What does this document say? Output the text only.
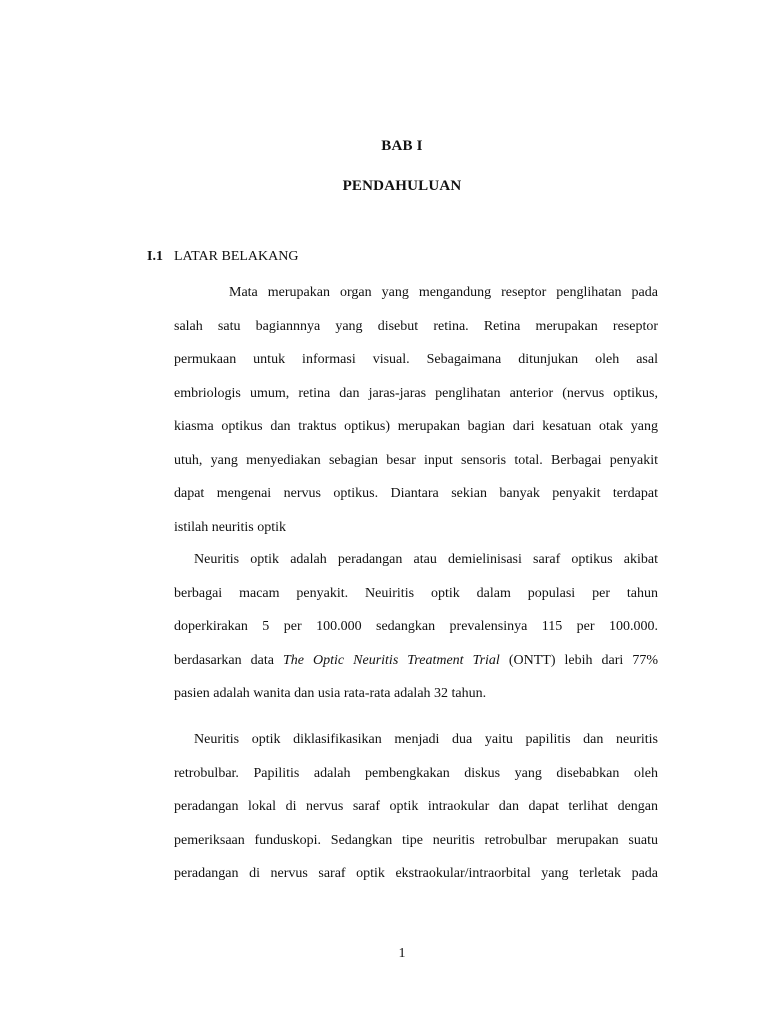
BAB I
PENDAHULUAN
I.1 LATAR BELAKANG
Mata merupakan organ yang mengandung reseptor penglihatan pada
salah satu bagiannnya yang disebut retina. Retina merupakan reseptor
permukaan untuk informasi visual. Sebagaimana ditunjukan oleh asal
embriologis umum, retina dan jaras-jaras penglihatan anterior (nervus optikus,
kiasma optikus dan traktus optikus) merupakan bagian dari kesatuan otak yang
utuh, yang menyediakan sebagian besar input sensoris total. Berbagai penyakit
dapat mengenai nervus optikus. Diantara sekian banyak penyakit terdapat
istilah neuritis optik
Neuritis optik adalah peradangan atau demielinisasi saraf optikus akibat
berbagai macam penyakit. Neuiritis optik dalam populasi per tahun
doperkirakan 5 per 100.000 sedangkan prevalensinya 115 per 100.000.
berdasarkan data The Optic Neuritis Treatment Trial (ONTT) lebih dari 77%
pasien adalah wanita dan usia rata-rata adalah 32 tahun.
Neuritis optik diklasifikasikan menjadi dua yaitu papilitis dan neuritis
retrobulbar. Papilitis adalah pembengkakan diskus yang disebabkan oleh
peradangan lokal di nervus saraf optik intraokular dan dapat terlihat dengan
pemeriksaan funduskopi. Sedangkan tipe neuritis retrobulbar merupakan suatu
peradangan di nervus saraf optik ekstraokular/intraorbital yang terletak pada
1
